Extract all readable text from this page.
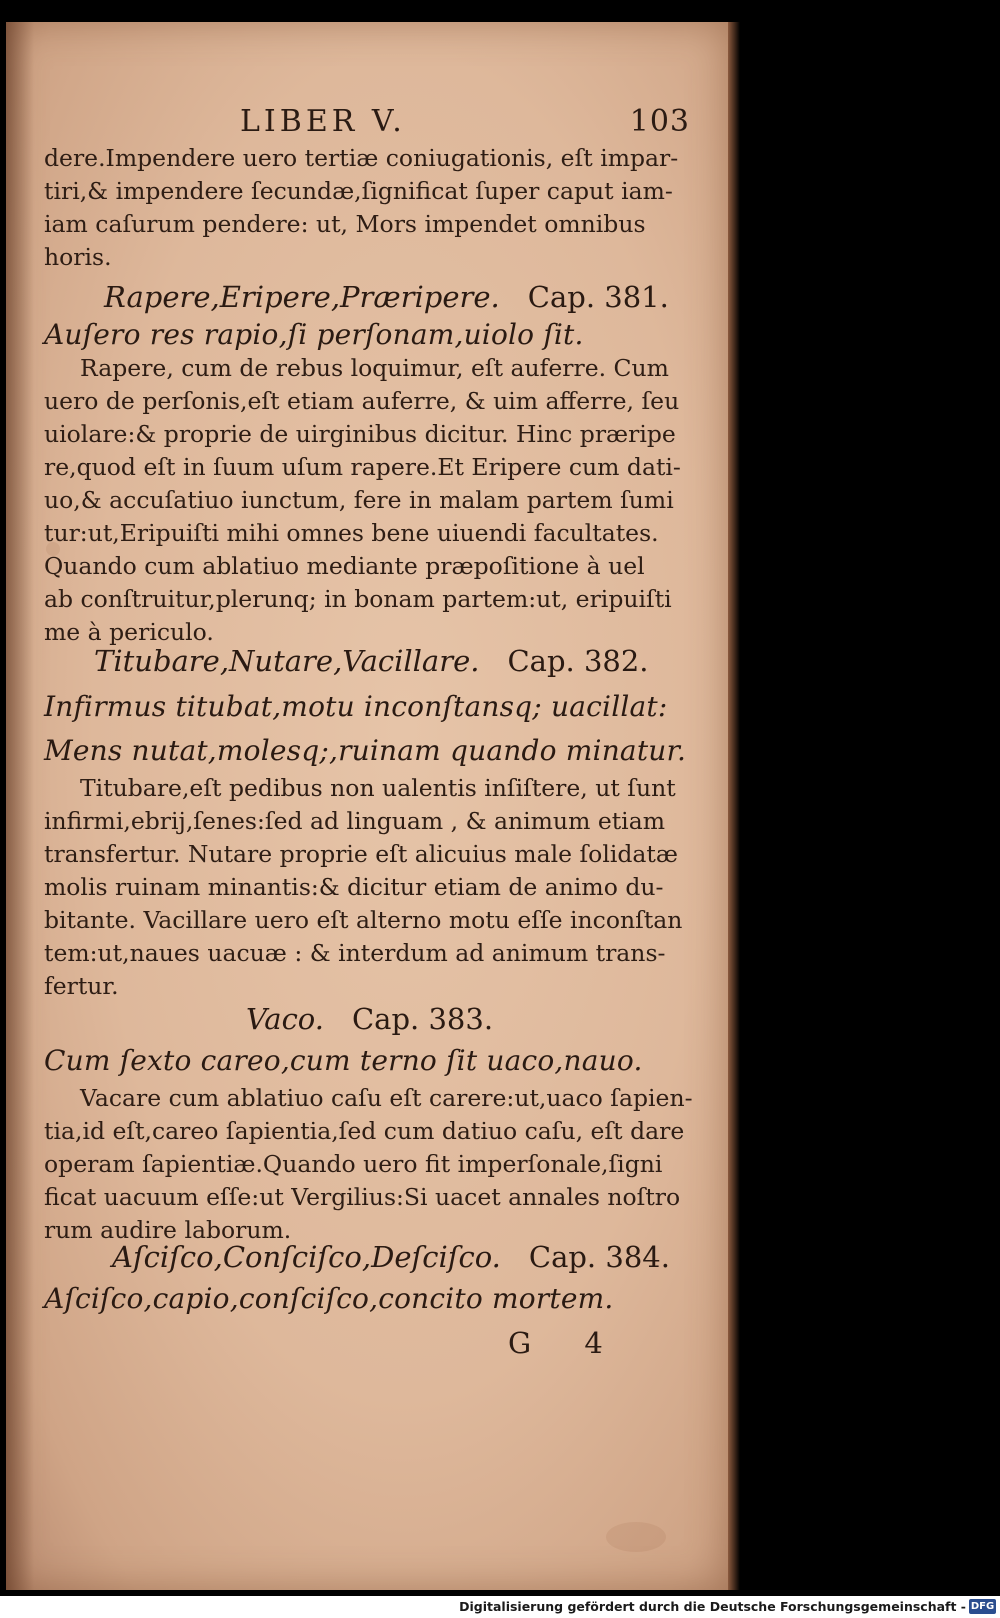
LIBER V.	103

dere.Impendere uero tertiæ coniugationis, eſt impar-

tiri,& impendere ſecundæ,ſignificat ſuper caput iam-

iam caſurum pendere: ut, Mors impendet omnibus

horis.

Rapere,Eripere,Præripere. Cap. 381.
Auſero res rapio,ſi perſonam,uiolo ſit.

Rapere, cum de rebus loquimur, eſt auferre. Cum

uero de perſonis,eſt etiam auferre, & uim afferre, ſeu

uiolare:& proprie de uirginibus dicitur. Hinc præripe

re,quod eſt in ſuum uſum rapere.Et Eripere cum dati-

uo,& accuſatiuo iunctum, fere in malam partem ſumi

tur:ut,Eripuiſti mihi omnes bene uiuendi facultates.

Quando cum ablatiuo mediante præpoſitione à uel

ab conſtruitur,plerunq; in bonam partem:ut, eripuiſti

me à periculo.

Titubare,Nutare,Vacillare. Cap. 382.
Infirmus titubat,motu inconſtansq; uacillat:
Mens nutat,molesq;,ruinam quando minatur.

Titubare,eſt pedibus non ualentis inſiſtere, ut ſunt

infirmi,ebrij,ſenes:ſed ad linguam , & animum etiam

transfertur. Nutare proprie eſt alicuius male ſolidatæ

molis ruinam minantis:& dicitur etiam de animo du-

bitante. Vacillare uero eſt alterno motu eſſe inconſtan

tem:ut,naues uacuæ : & interdum ad animum trans-

fertur.

Vaco. Cap. 383.
Cum ſexto careo,cum terno ſit uaco,nauo.

Vacare cum ablatiuo caſu eſt carere:ut,uaco ſapien-

tia,id eſt,careo ſapientia,ſed cum datiuo caſu, eſt dare

operam ſapientiæ.Quando uero fit imperſonale,ſigni

ficat uacuum eſſe:ut Vergilius:Si uacet annales noſtro

rum audire laborum.

Aſciſco,Conſciſco,Deſciſco. Cap. 384.
Aſciſco,capio,conſciſco,concito mortem.
G 4
Digitalisierung gefördert durch die Deutsche Forschungsgemeinschaft - DFG
